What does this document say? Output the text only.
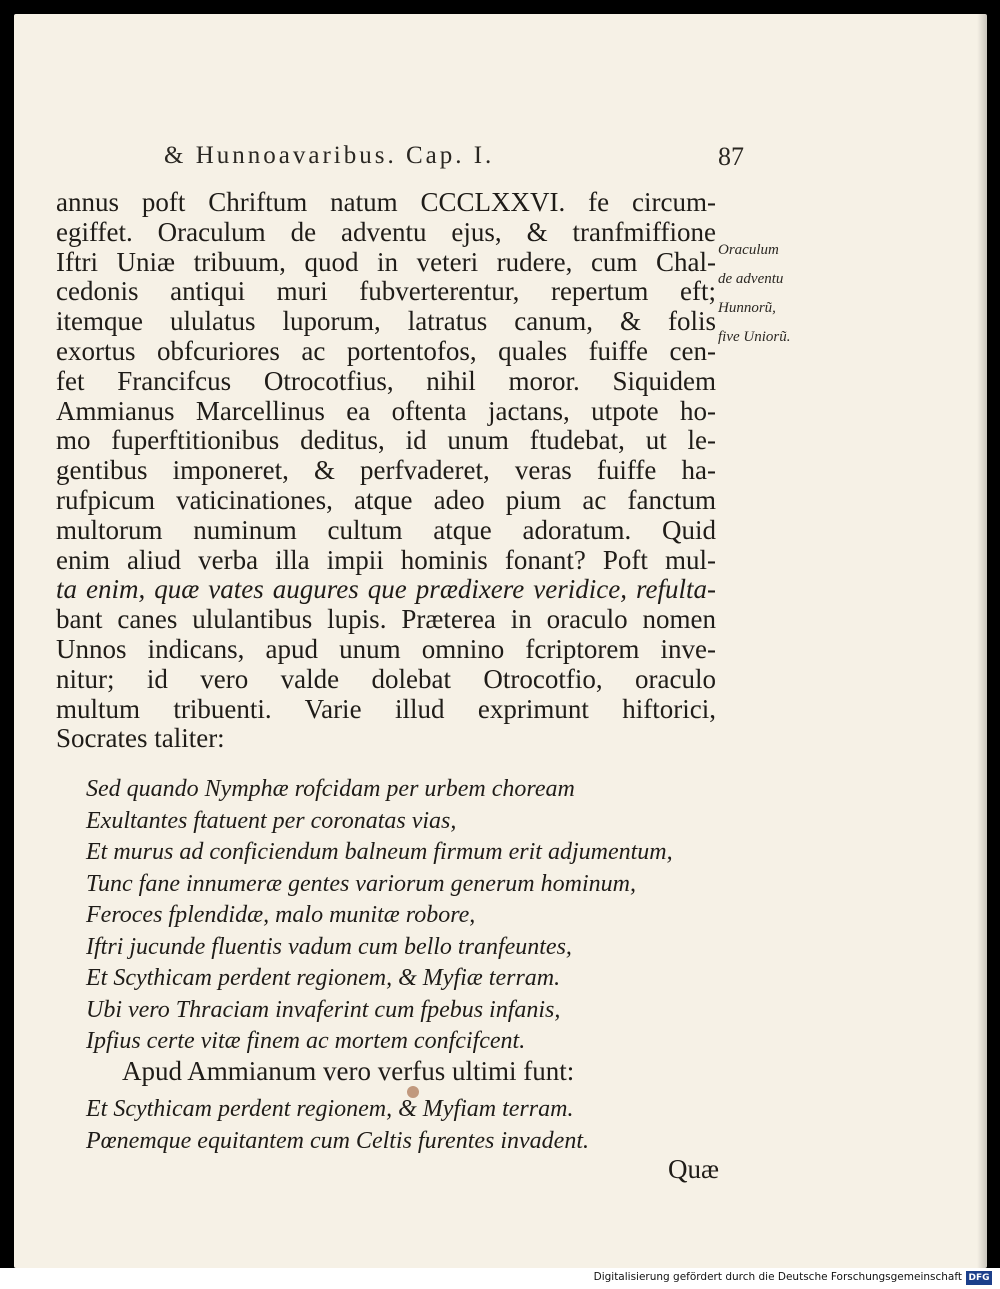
& Hunnoavaribus. Cap. I.	87
annus poft Chriftum natum CCCLXXVI. fe circum-
egiffet. Oraculum de adventu ejus, & tranfmiffione
Iftri Uniæ tribuum, quod in veteri rudere, cum Chal-
cedonis antiqui muri fubverterentur, repertum eft;
itemque ululatus luporum, latratus canum, & folis
exortus obfcuriores ac portentofos, quales fuiffe cen-
fet Francifcus Otrocotfius, nihil moror. Siquidem
Ammianus Marcellinus ea oftenta jactans, utpote ho-
mo fuperftitionibus deditus, id unum ftudebat, ut le-
gentibus imponeret, & perfvaderet, veras fuiffe ha-
rufpicum vaticinationes, atque adeo pium ac fanctum
multorum numinum cultum atque adoratum. Quid
enim aliud verba illa impii hominis fonant? Poft mul-
ta enim, quæ vates augures que prædixere veridice, refulta-
bant canes ululantibus lupis. Præterea in oraculo nomen
Unnos indicans, apud unum omnino fcriptorem inve-
nitur; id vero valde dolebat Otrocotfio, oraculo
multum tribuenti. Varie illud exprimunt hiftorici,
Socrates taliter:
Oraculum
de adventu
Hunnorũ,
five Uniorũ.
Sed quando Nymphæ rofcidam per urbem choream
Exultantes ftatuent per coronatas vias,
Et murus ad conficiendum balneum firmum erit adjumentum,
Tunc fane innumeræ gentes variorum generum hominum,
Feroces fplendidæ, malo munitæ robore,
Iftri jucunde fluentis vadum cum bello tranfeuntes,
Et Scythicam perdent regionem, & Myfiæ terram.
Ubi vero Thraciam invaferint cum fpebus infanis,
Ipfius certe vitæ finem ac mortem confcifcent.
Apud Ammianum vero verfus ultimi funt:
Et Scythicam perdent regionem, & Myfiam terram.
Pœnemque equitantem cum Celtis furentes invadent.
Quæ
Digitalisierung gefördert durch die Deutsche Forschungsgemeinschaft DFG
